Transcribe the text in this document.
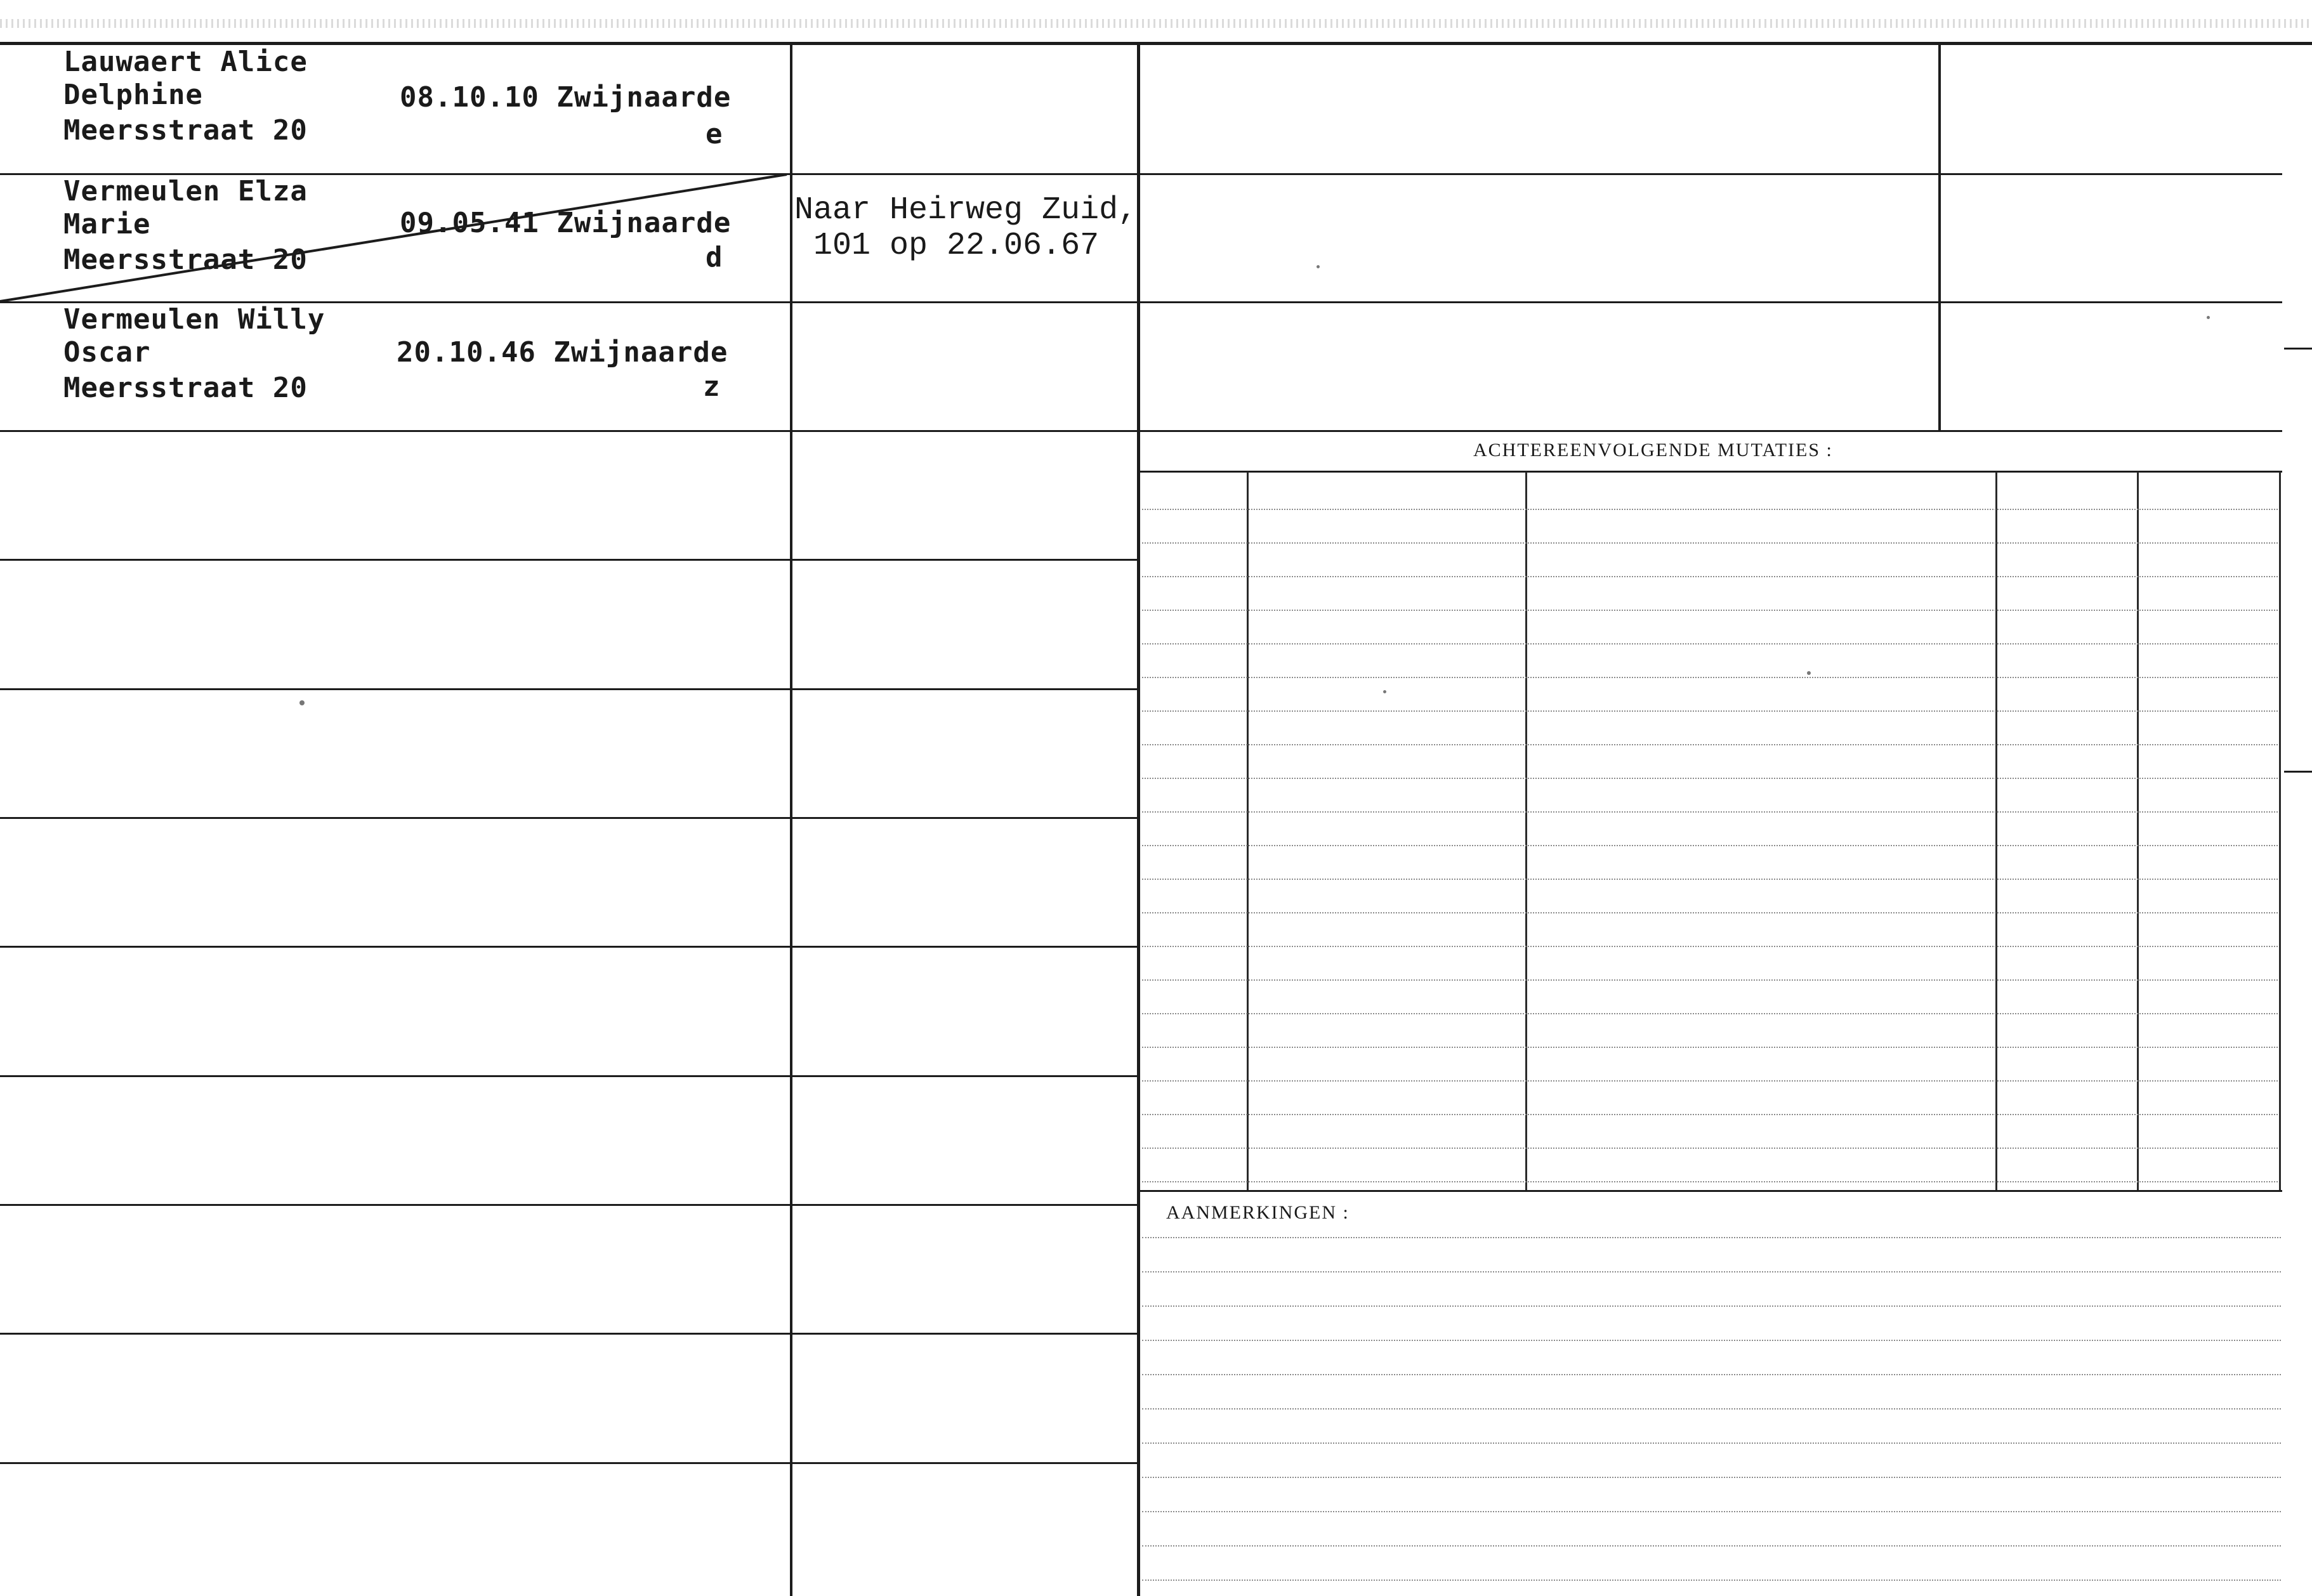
Lauwaert Alice
Delphine
Meersstraat 20
08.10.10 Zwijnaarde
e
Vermeulen Elza
Marie
Meersstraat 20
09.05.41 Zwijnaarde
d
Naar Heirweg Zuid,
101 op 22.06.67
Vermeulen Willy
Oscar
Meersstraat 20
20.10.46 Zwijnaarde
z
ACHTEREENVOLGENDE MUTATIES :
AANMERKINGEN :
